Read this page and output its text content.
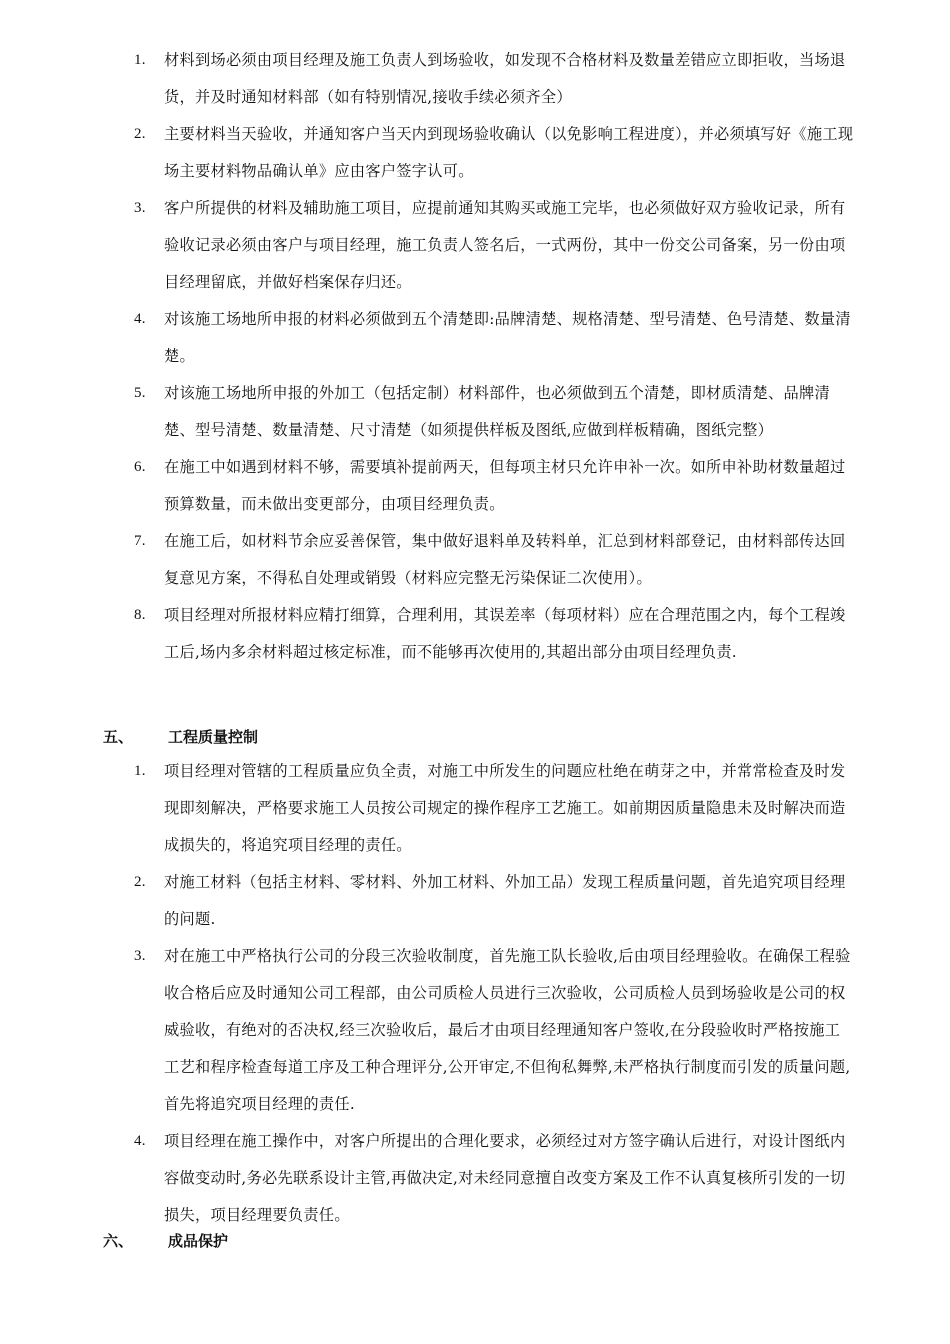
1. 材料到场必须由项目经理及施工负责人到场验收，如发现不合格材料及数量差错应立即拒收，当场退货，并及时通知材料部（如有特别情况,接收手续必须齐全）
2. 主要材料当天验收，并通知客户当天内到现场验收确认（以免影响工程进度），并必须填写好《施工现场主要材料物品确认单》应由客户签字认可。
3. 客户所提供的材料及辅助施工项目，应提前通知其购买或施工完毕，也必须做好双方验收记录，所有验收记录必须由客户与项目经理，施工负责人签名后，一式两份，其中一份交公司备案，另一份由项目经理留底，并做好档案保存归还。
4. 对该施工场地所申报的材料必须做到五个清楚即:品牌清楚、规格清楚、型号清楚、色号清楚、数量清楚。
5. 对该施工场地所申报的外加工（包括定制）材料部件，也必须做到五个清楚，即材质清楚、品牌清楚、型号清楚、数量清楚、尺寸清楚（如须提供样板及图纸,应做到样板精确，图纸完整）
6. 在施工中如遇到材料不够，需要填补提前两天，但每项主材只允许申补一次。如所申补助材数量超过预算数量，而未做出变更部分，由项目经理负责。
7. 在施工后，如材料节余应妥善保管，集中做好退料单及转料单，汇总到材料部登记，由材料部传达回复意见方案，不得私自处理或销毁（材料应完整无污染保证二次使用）。
8. 项目经理对所报材料应精打细算，合理利用，其误差率（每项材料）应在合理范围之内，每个工程竣工后,场内多余材料超过核定标准，而不能够再次使用的,其超出部分由项目经理负责.
五、 工程质量控制
1. 项目经理对管辖的工程质量应负全责，对施工中所发生的问题应杜绝在萌芽之中，并常常检查及时发现即刻解决，严格要求施工人员按公司规定的操作程序工艺施工。如前期因质量隐患未及时解决而造成损失的，将追究项目经理的责任。
2. 对施工材料（包括主材料、零材料、外加工材料、外加工品）发现工程质量问题，首先追究项目经理的问题.
3. 对在施工中严格执行公司的分段三次验收制度，首先施工队长验收,后由项目经理验收。在确保工程验收合格后应及时通知公司工程部，由公司质检人员进行三次验收，公司质检人员到场验收是公司的权威验收，有绝对的否决权,经三次验收后，最后才由项目经理通知客户签收,在分段验收时严格按施工工艺和程序检查每道工序及工种合理评分,公开审定,不但徇私舞弊,未严格执行制度而引发的质量问题,首先将追究项目经理的责任.
4. 项目经理在施工操作中，对客户所提出的合理化要求，必须经过对方签字确认后进行，对设计图纸内容做变动时,务必先联系设计主管,再做决定,对未经同意擅自改变方案及工作不认真复核所引发的一切损失，项目经理要负责任。
六、 成品保护
